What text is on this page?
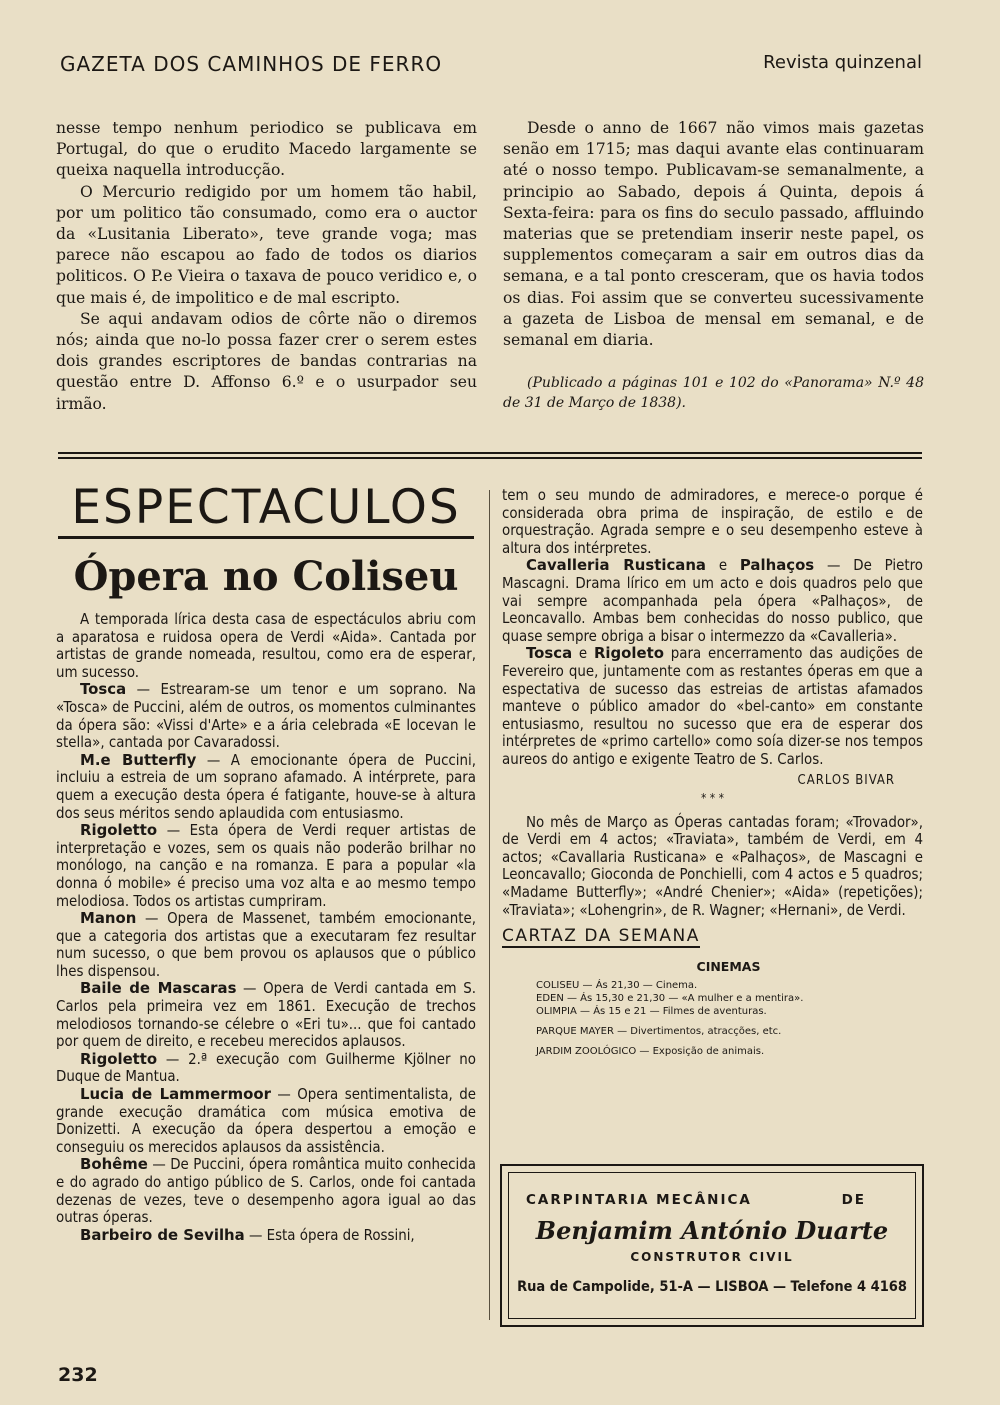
GAZETA DOS CAMINHOS DE FERRO	Revista quinzenal

nesse tempo nenhum periodico se publicava em Portugal, do que o erudito Macedo largamente se queixa naquella introducção.

O Mercurio redigido por um homem tão habil, por um politico tão consumado, como era o auctor da «Lusitania Liberato», teve grande voga; mas parece não escapou ao fado de todos os diarios politicos. O P.e Vieira o taxava de pouco veridico e, o que mais é, de impolitico e de mal escripto.

Se aqui andavam odios de côrte não o diremos nós; ainda que no-lo possa fazer crer o serem estes dois grandes escriptores de bandas contrarias na questão entre D. Affonso 6.º e o usurpador seu irmão.

Desde o anno de 1667 não vimos mais gazetas senão em 1715; mas daqui avante elas continuaram até o nosso tempo. Publicavam-se semanalmente, a principio ao Sabado, depois á Quinta, depois á Sexta-feira: para os fins do seculo passado, affluindo materias que se pretendiam inserir neste papel, os supplementos começaram a sair em outros dias da semana, e a tal ponto cresceram, que os havia todos os dias. Foi assim que se converteu sucessivamente a gazeta de Lisboa de mensal em semanal, e de semanal em diaria.

(Publicado a páginas 101 e 102 do «Panorama» N.º 48 de 31 de Março de 1838).

ESPECTACULOS
Ópera no Coliseu

A temporada lírica desta casa de espectáculos abriu com a aparatosa e ruidosa opera de Verdi «Aida». Cantada por artistas de grande nomeada, resultou, como era de esperar, um sucesso.

Tosca — Estrearam-se um tenor e um soprano. Na «Tosca» de Puccini, além de outros, os momentos culminantes da ópera são: «Vissi d'Arte» e a ária celebrada «E locevan le stella», cantada por Cavaradossi.

M.e Butterfly — A emocionante ópera de Puccini, incluiu a estreia de um soprano afamado. A intérprete, para quem a execução desta ópera é fatigante, houve-se à altura dos seus méritos sendo aplaudida com entusiasmo.

Rigoletto — Esta ópera de Verdi requer artistas de interpretação e vozes, sem os quais não poderão brilhar no monólogo, na canção e na romanza. E para a popular «la donna ó mobile» é preciso uma voz alta e ao mesmo tempo melodiosa. Todos os artistas cumpriram.

Manon — Opera de Massenet, também emocionante, que a categoria dos artistas que a executaram fez resultar num sucesso, o que bem provou os aplausos que o público lhes dispensou.

Baile de Mascaras — Opera de Verdi cantada em S. Carlos pela primeira vez em 1861. Execução de trechos melodiosos tornando-se célebre o «Eri tu»... que foi cantado por quem de direito, e recebeu merecidos aplausos.

Rigoletto — 2.ª execução com Guilherme Kjölner no Duque de Mantua.

Lucia de Lammermoor — Opera sentimentalista, de grande execução dramática com música emotiva de Donizetti. A execução da ópera despertou a emoção e conseguiu os merecidos aplausos da assistência.

Bohême — De Puccini, ópera romântica muito conhecida e do agrado do antigo público de S. Carlos, onde foi cantada dezenas de vezes, teve o desempenho agora igual ao das outras óperas.

Barbeiro de Sevilha — Esta ópera de Rossini,

tem o seu mundo de admiradores, e merece-o porque é considerada obra prima de inspiração, de estilo e de orquestração. Agrada sempre e o seu desempenho esteve à altura dos intérpretes.

Cavalleria Rusticana e Palhaços — De Pietro Mascagni. Drama lírico em um acto e dois quadros pelo que vai sempre acompanhada pela ópera «Palhaços», de Leoncavallo. Ambas bem conhecidas do nosso publico, que quase sempre obriga a bisar o intermezzo da «Cavalleria».

Tosca e Rigoleto para encerramento das audições de Fevereiro que, juntamente com as restantes óperas em que a espectativa de sucesso das estreias de artistas afamados manteve o público amador do «bel-canto» em constante entusiasmo, resultou no sucesso que era de esperar dos intérpretes de «primo cartello» como soía dizer-se nos tempos aureos do antigo e exigente Teatro de S. Carlos.

CARLOS BIVAR
* * *

No mês de Março as Óperas cantadas foram; «Trovador», de Verdi em 4 actos; «Traviata», também de Verdi, em 4 actos; «Cavallaria Rusticana» e «Palhaços», de Mascagni e Leoncavallo; Gioconda de Ponchielli, com 4 actos e 5 quadros; «Madame Butterfly»; «André Chenier»; «Aida» (repetições); «Traviata»; «Lohengrin», de R. Wagner; «Hernani», de Verdi.

CARTAZ DA SEMANA
CINEMAS
COLISEU — Ás 21,30 — Cinema.
EDEN — Ás 15,30 e 21,30 — «A mulher e a mentira».
OLIMPIA — Ás 15 e 21 — Filmes de aventuras.
PARQUE MAYER — Divertimentos, atracções, etc.
JARDIM ZOOLÓGICO — Exposição de animais.
CARPINTARIA MECÂNICA	DE
Benjamim António Duarte
CONSTRUTOR CIVIL
Rua de Campolide, 51-A — LISBOA — Telefone 4 4168
232
